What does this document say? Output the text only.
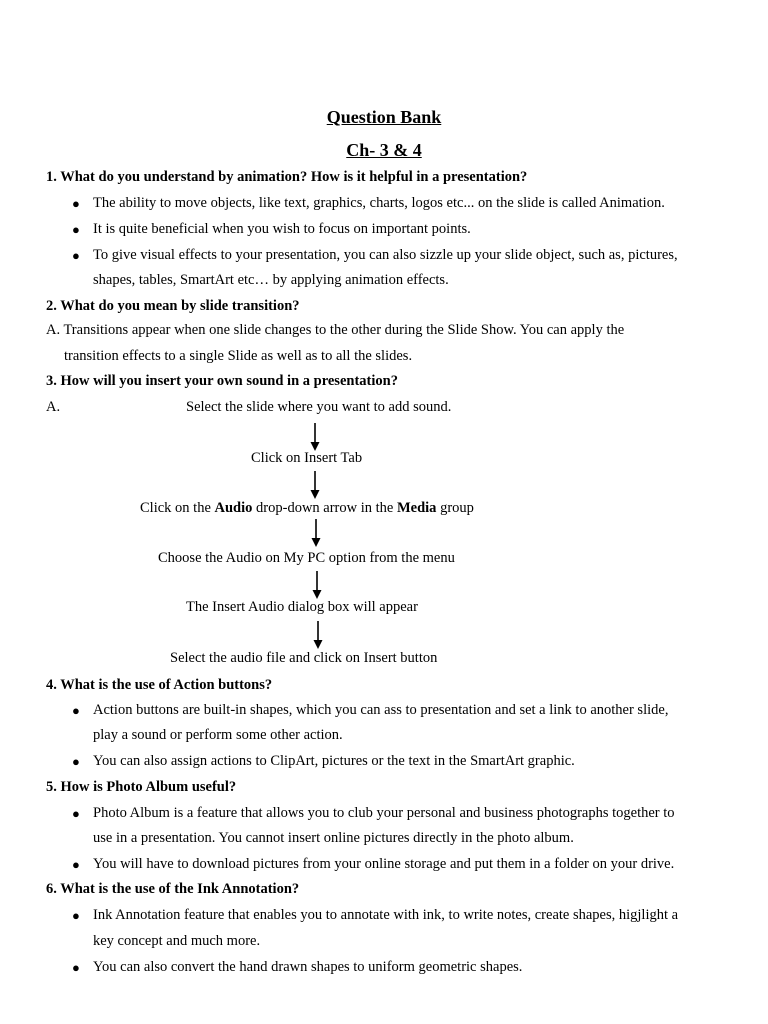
Question Bank
Ch- 3 & 4
1. What do you understand by animation? How is it helpful in a presentation?
● The ability to move objects, like text, graphics, charts, logos etc... on the slide is called Animation.
● It is quite beneficial when you wish to focus on important points.
● To give visual effects to your presentation, you can also sizzle up your slide object, such as, pictures,
shapes, tables, SmartArt etc… by applying animation effects.
2. What do you mean by slide transition?
A. Transitions appear when one slide changes to the other during the Slide Show. You can apply the
transition effects to a single Slide as well as to all the slides.
3. How will you insert your own sound in a presentation?
A.	Select the slide where you want to add sound.
Click on Insert Tab
Click on the Audio drop-down arrow in the Media group
Choose the Audio on My PC option from the menu
The Insert Audio dialog box will appear
Select the audio file and click on Insert button
4. What is the use of Action buttons?
● Action buttons are built-in shapes, which you can ass to presentation and set a link to another slide,
play a sound or perform some other action.
● You can also assign actions to ClipArt, pictures or the text in the SmartArt graphic.
5. How is Photo Album useful?
● Photo Album is a feature that allows you to club your personal and business photographs together to
use in a presentation. You cannot insert online pictures directly in the photo album.
● You will have to download pictures from your online storage and put them in a folder on your drive.
6. What is the use of the Ink Annotation?
● Ink Annotation feature that enables you to annotate with ink, to write notes, create shapes, higjlight a
key concept and much more.
● You can also convert the hand drawn shapes to uniform geometric shapes.
